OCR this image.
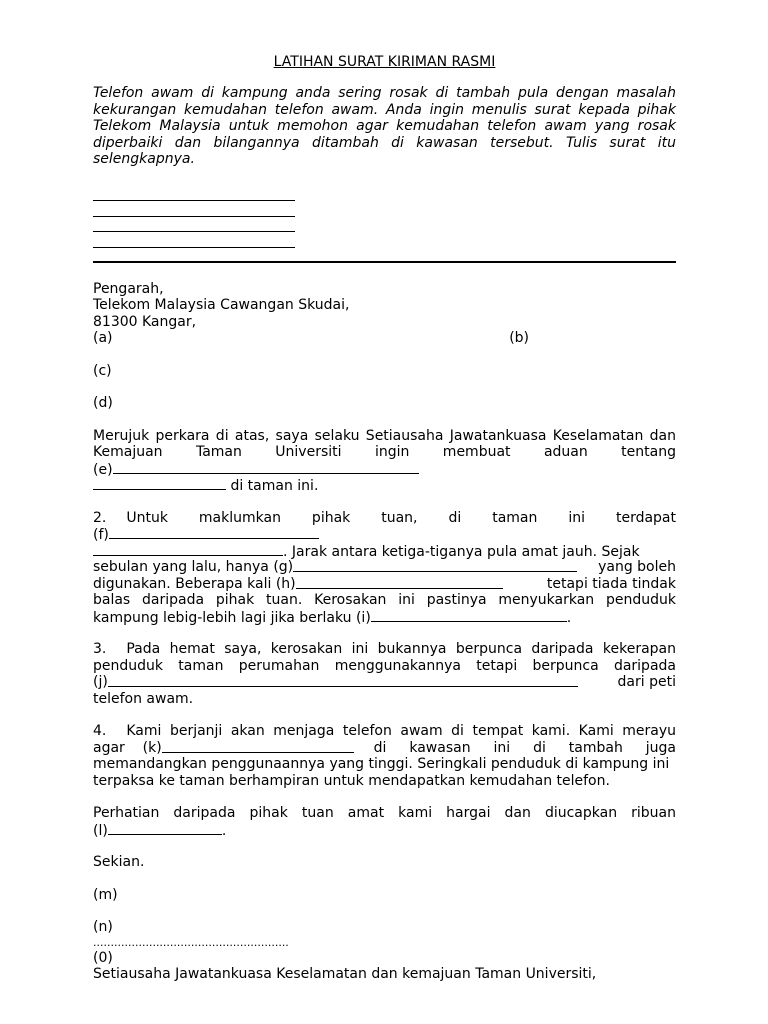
LATIHAN SURAT KIRIMAN RASMI
Telefon awam di kampung anda sering rosak di tambah pula dengan masalah kekurangan kemudahan telefon awam. Anda ingin menulis surat kepada pihak Telekom Malaysia untuk memohon agar kemudahan telefon awam yang rosak diperbaiki dan bilangannya ditambah di kawasan tersebut. Tulis surat itu selengkapnya.
Pengarah,
Telekom Malaysia Cawangan Skudai,
81300 Kangar,
(a)	(b)
(c)
(d)
Merujuk perkara di atas, saya selaku Setiausaha Jawatankuasa Keselamatan dan
Kemajuan Taman Universiti ingin membuat aduan tentang
(e)
di taman ini.
2. Untuk maklumkan pihak tuan, di taman ini terdapat
(f)
. Jarak antara ketiga-tiganya pula amat jauh. Sejak
sebulan yang lalu, hanya
(g)	yang boleh
digunakan. Beberapa kali
(h)	tetapi tiada tindak
balas daripada pihak tuan. Kerosakan ini pastinya menyukarkan penduduk
kampung lebig-lebih lagi jika berlaku (i)	.
3. Pada hemat saya, kerosakan ini bukannya berpunca daripada kekerapan
penduduk taman perumahan menggunakannya tetapi berpunca daripada
(j)	dari peti
telefon awam.
4. Kami berjanji akan menjaga telefon awam di tempat kami. Kami merayu
agar
(k)	di kawasan ini di tambah juga
memandangkan penggunaannya yang tinggi. Seringkali penduduk di kampung ini
terpaksa ke taman berhampiran untuk mendapatkan kemudahan telefon.
Perhatian daripada pihak tuan amat kami hargai dan diucapkan ribuan
(l)	.
Sekian.
(m)
(n)
........................................................
(0)
Setiausaha Jawatankuasa Keselamatan dan kemajuan Taman Universiti,
